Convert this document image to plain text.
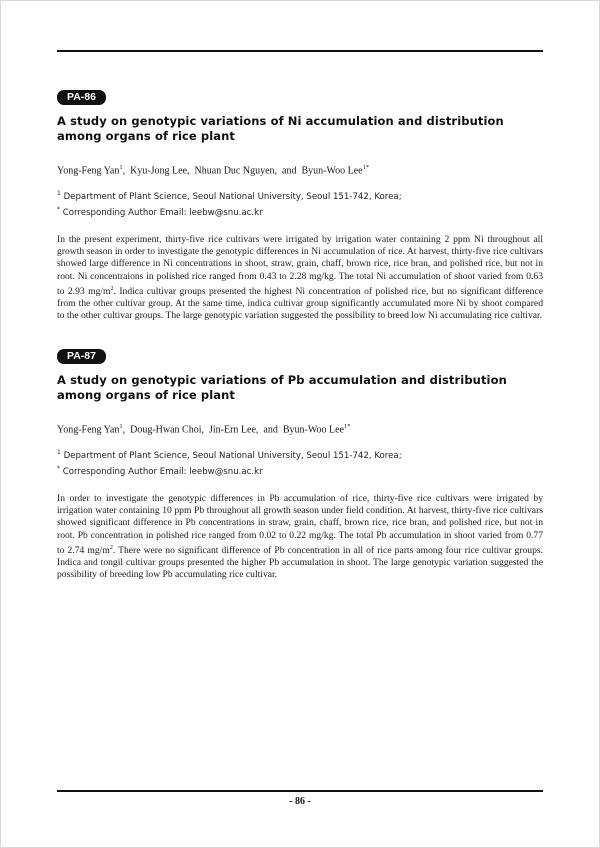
PA-86
A study on genotypic variations of Ni accumulation and distribution among organs of rice plant
Yong-Feng Yan$^1$,  Kyu-Jong Lee,  Nhuan Duc Nguyen,  and  Byun-Woo Lee$^{1*}$
$^1$ Department of Plant Science, Seoul National University, Seoul 151-742, Korea;
* Corresponding Author Email: leebw@snu.ac.kr
In the present experiment, thirty-five rice cultivars were irrigated by irrigation water containing 2 ppm Ni throughout all growth season in order to investigate the genotypic differences in Ni accumulation of rice. At harvest, thirty-five rice cultivars showed large difference in Ni concentrations in shoot, straw, grain, chaff, brown rice, rice bran, and polished rice, but not in root. Ni concentraions in polished rice ranged from 0.43 to 2.28 mg/kg. The total Ni accumulation of shoot varied from 0.63 to 2.93 $mg/m^2$. Indica cultivar groups presented the highest Ni concentration of polished rice, but no significant difference from the other cultivar group. At the same time, indica cultivar group significantly accumulated more Ni by shoot compared to the other cultivar groups. The large genotypic variation suggested the possibility to breed low Ni accumulating rice cultivar.
PA-87
A study on genotypic variations of Pb accumulation and distribution among organs of rice plant
Yong-Feng Yan$^1$,  Doug-Hwan Choi,  Jin-Ern Lee,  and  Byun-Woo Lee$^{1*}$
$^1$ Department of Plant Science, Seoul National University, Seoul 151-742, Korea;
* Corresponding Author Email: leebw@snu.ac.kr
In order to investigate the genotypic differences in Pb accumulation of rice, thirty-five rice cultivars were irrigated by irrigation water containing 10 ppm Pb throughout all growth season under field condition. At harvest, thirty-five rice cultivars showed significant difference in Pb concentrations in straw, grain, chaff, brown rice, rice bran, and polished rice, but not in root. Pb concentration in polished rice ranged from 0.02 to 0.22 mg/kg. The total Pb accumulation in shoot varied from 0.77 to 2.74 $mg/m^2$. There were no significant difference of Pb concentration in all of rice parts among four rice cultivar groups. Indica and tongil cultivar groups presented the higher Pb accumulation in shoot. The large genotypic variation suggested the possibility of breeding low Pb accumulating rice cultivar.
- 86 -
